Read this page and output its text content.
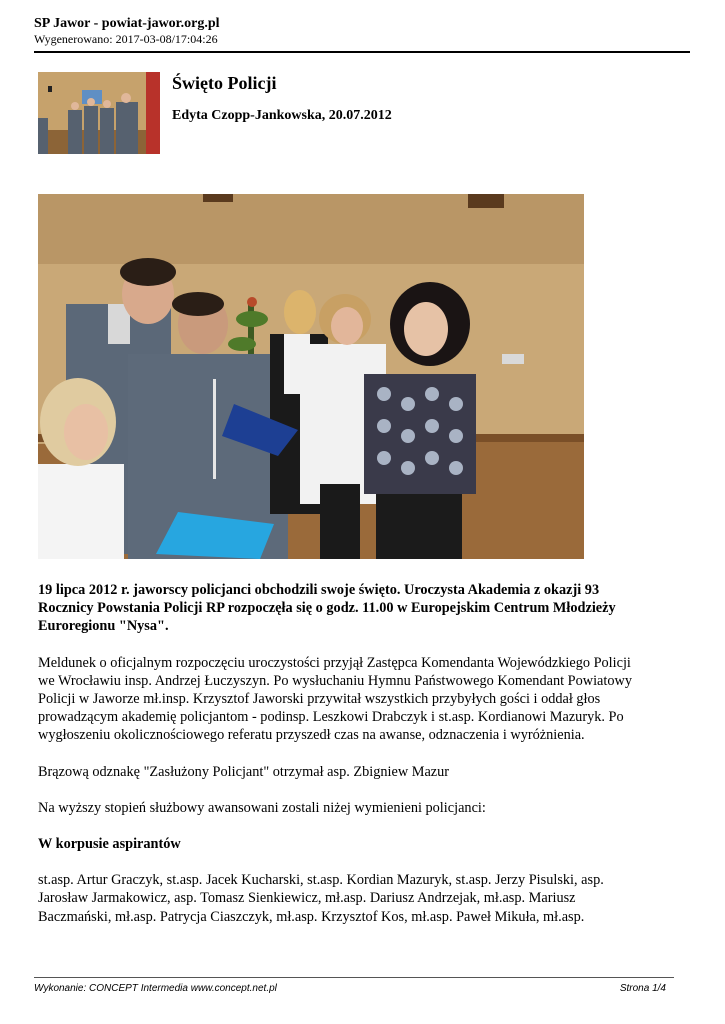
SP Jawor - powiat-jawor.org.pl
Wygenerowano: 2017-03-08/17:04:26
Święto Policji
Edyta Czopp-Jankowska, 20.07.2012

19 lipca 2012 r. jaworscy policjanci obchodzili swoje święto. Uroczysta Akademia z okazji 93 Rocznicy Powstania Policji RP rozpoczęła się o godz. 11.00 w Europejskim Centrum Młodzieży Euroregionu "Nysa".

Meldunek o oficjalnym rozpoczęciu uroczystości przyjął Zastępca Komendanta Wojewódzkiego Policji we Wrocławiu insp. Andrzej Łuczyszyn. Po wysłuchaniu Hymnu Państwowego Komendant Powiatowy Policji w Jaworze mł.insp. Krzysztof Jaworski przywitał wszystkich przybyłych gości i oddał głos prowadzącym akademię policjantom - podinsp. Leszkowi Drabczyk i st.asp. Kordianowi Mazuryk. Po wygłoszeniu okolicznościowego referatu przyszedł czas na awanse, odznaczenia i wyróżnienia.

Brązową odznakę "Zasłużony Policjant" otrzymał asp. Zbigniew Mazur

Na wyższy stopień służbowy awansowani zostali niżej wymienieni policjanci:

W korpusie aspirantów

st.asp. Artur Graczyk, st.asp. Jacek Kucharski, st.asp. Kordian Mazuryk, st.asp. Jerzy Pisulski, asp. Jarosław Jarmakowicz, asp. Tomasz Sienkiewicz, mł.asp. Dariusz Andrzejak, mł.asp. Mariusz Baczmański, mł.asp. Patrycja Ciaszczyk, mł.asp. Krzysztof Kos, mł.asp. Paweł Mikuła, mł.asp.

Wykonanie: CONCEPT Intermedia www.concept.net.pl	Strona 1/4
